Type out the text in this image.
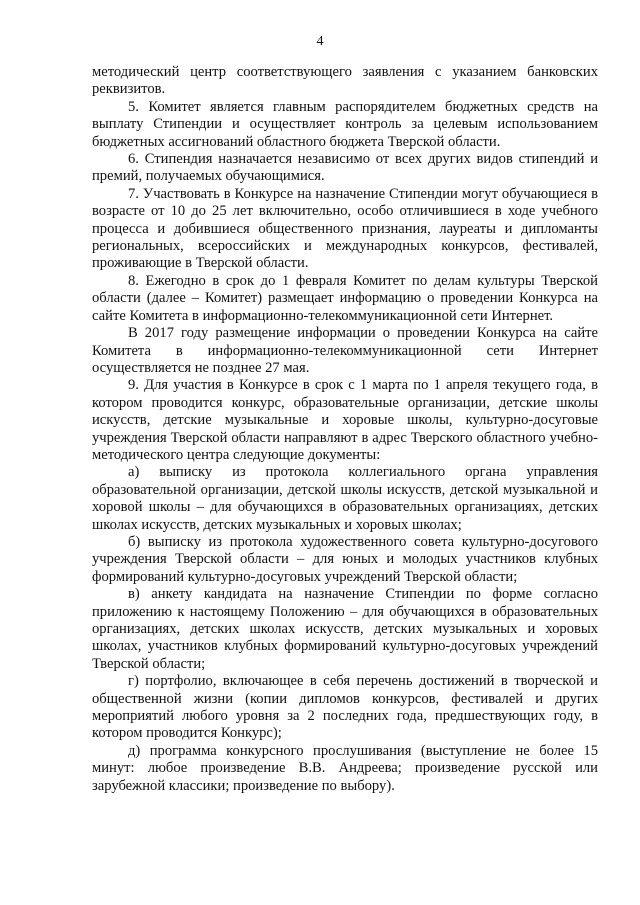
4

методический центр соответствующего заявления с указанием банковских реквизитов.

5. Комитет является главным распорядителем бюджетных средств на выплату Стипендии и осуществляет контроль за целевым использованием бюджетных ассигнований областного бюджета Тверской области.

6. Стипендия назначается независимо от всех других видов стипендий и премий, получаемых обучающимися.

7. Участвовать в Конкурсе на назначение Стипендии могут обучающиеся в возрасте от 10 до 25 лет включительно, особо отличившиеся в ходе учебного процесса и добившиеся общественного признания, лауреаты и дипломанты региональных, всероссийских и международных конкурсов, фестивалей, проживающие в Тверской области.

8. Ежегодно в срок до 1 февраля Комитет по делам культуры Тверской области (далее – Комитет) размещает информацию о проведении Конкурса на сайте Комитета в информационно-телекоммуникационной сети Интернет.

В 2017 году размещение информации о проведении Конкурса на сайте Комитета в информационно-телекоммуникационной сети Интернет осуществляется не позднее 27 мая.

9. Для участия в Конкурсе в срок с 1 марта по 1 апреля текущего года, в котором проводится конкурс, образовательные организации, детские школы искусств, детские музыкальные и хоровые школы, культурно-досуговые учреждения Тверской области направляют в адрес Тверского областного учебно-методического центра следующие документы:

а) выписку из протокола коллегиального органа управления образовательной организации, детской школы искусств, детской музыкальной и хоровой школы – для обучающихся в образовательных организациях, детских школах искусств, детских музыкальных и хоровых школах;

б) выписку из протокола художественного совета культурно-досугового учреждения Тверской области – для юных и молодых участников клубных формирований культурно-досуговых учреждений Тверской области;

в) анкету кандидата на назначение Стипендии по форме согласно приложению к настоящему Положению – для обучающихся в образовательных организациях, детских школах искусств, детских музыкальных и хоровых школах, участников клубных формирований культурно-досуговых учреждений Тверской области;

г) портфолио, включающее в себя перечень достижений в творческой и общественной жизни (копии дипломов конкурсов, фестивалей и других мероприятий любого уровня за 2 последних года, предшествующих году, в котором проводится Конкурс);

д) программа конкурсного прослушивания (выступление не более 15 минут: любое произведение В.В. Андреева; произведение русской или зарубежной классики; произведение по выбору).
